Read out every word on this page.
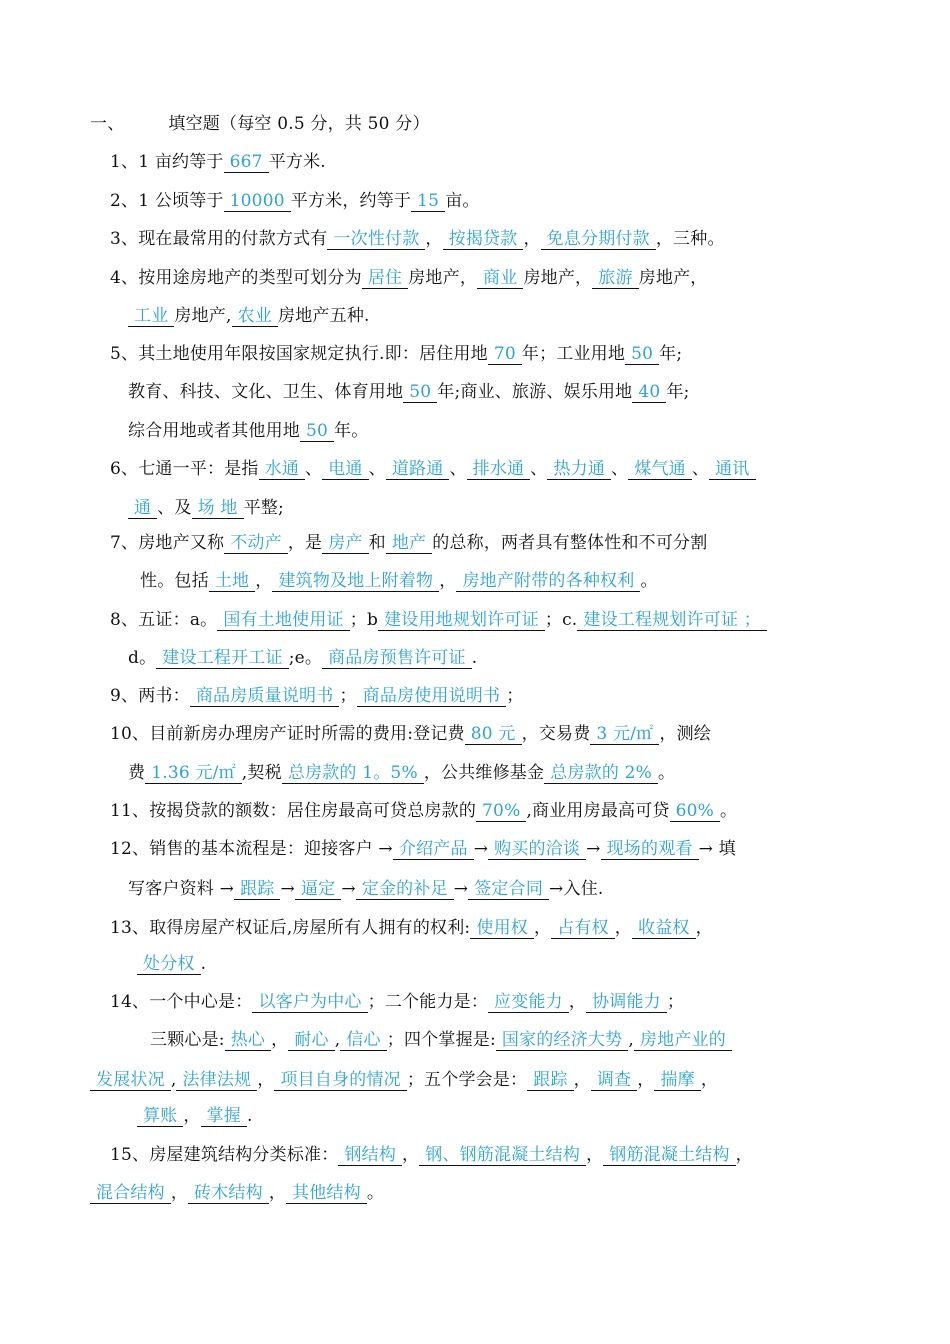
一、	填空题（每空 0.5 分，共 50 分）
1、1 亩约等于 667 平方米.
2、1 公顷等于 10000 平方米，约等于 15 亩。
3、现在最常用的付款方式有 一次性付款 ， 按揭贷款 ， 免息分期付款 ，三种。
4、按用途房地产的类型可划分为 居住 房地产， 商业 房地产， 旅游 房地产，
工业 房地产, 农业 房地产五种.
5、其土地使用年限按国家规定执行.即：居住用地 70 年；工业用地 50 年;
教育、科技、文化、卫生、体育用地 50 年;商业、旅游、娱乐用地 40 年;
综合用地或者其他用地 50 年。
6、七通一平：是指 水通 、 电通 、 道路通 、 排水通 、 热力通 、 煤气通 、 通讯
通 、及 场 地 平整;
7、房地产又称 不动产 ，是 房产 和 地产 的总称，两者具有整体性和不可分割
性。包括 土地 ， 建筑物及地上附着物 ， 房地产附带的各种权利 。
8、五证：a。 国有土地使用证 ；b 建设用地规划许可证 ；c. 建设工程规划许可证 ；
d。 建设工程开工证 ;e。 商品房预售许可证 .
9、两书： 商品房质量说明书 ； 商品房使用说明书 ；
10、目前新房办理房产证时所需的费用:登记费 80 元 ，交易费 3 元/㎡ ，测绘
费 1.36 元/㎡ ,契税 总房款的 1。5% ，公共维修基金 总房款的 2% 。
11、按揭贷款的额数：居住房最高可贷总房款的 70% ,商业用房最高可贷 60% 。
12、销售的基本流程是：迎接客户 → 介绍产品 → 购买的洽谈 → 现场的观看 → 填
写客户资料 → 跟踪 → 逼定 → 定金的补足 → 签定合同 →入住.
13、取得房屋产权证后,房屋所有人拥有的权利: 使用权 ， 占有权 ， 收益权 ，
处分权 .
14、一个中心是： 以客户为中心 ；二个能力是： 应变能力 ， 协调能力 ；
三颗心是: 热心 ， 耐心 , 信心 ；四个掌握是: 国家的经济大势 , 房地产业的
发展状况 , 法律法规 ， 项目自身的情况 ；五个学会是： 跟踪 ， 调查 ， 揣摩 ，
算账 ， 掌握 .
15、房屋建筑结构分类标准： 钢结构 ， 钢、钢筋混凝土结构 ， 钢筋混凝土结构 ，
混合结构 ， 砖木结构 ， 其他结构 。
